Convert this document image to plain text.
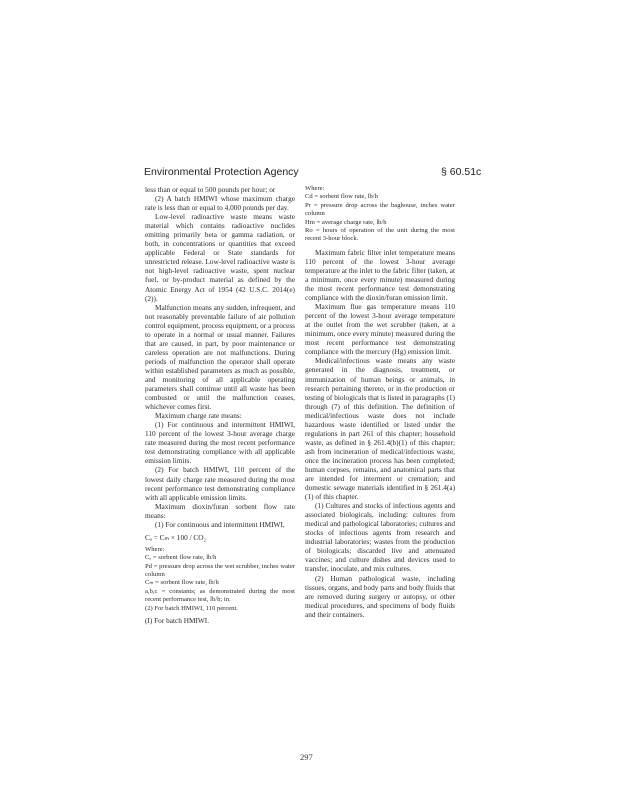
Environmental Protection Agency	§ 60.51c

less than or equal to 500 pounds per hour; or

(2) A batch HMIWI whose maximum charge rate is less than or equal to 4,000 pounds per day.

Low-level radioactive waste means waste material which contains radioactive nuclides emitting primarily beta or gamma radiation, or both, in concentrations or quantities that exceed applicable Federal or State standards for unrestricted release. Low-level radioactive waste is not high-level radioactive waste, spent nuclear fuel, or by-product material as defined by the Atomic Energy Act of 1954 (42 U.S.C. 2014(e)(2)).

Malfunction means any sudden, infrequent, and not reasonably preventable failure of air pollution control equipment, process equipment, or a process to operate in a normal or usual manner. Failures that are caused, in part, by poor maintenance or careless operation are not malfunctions. During periods of malfunction the operator shall operate within established parameters as much as possible, and monitoring of all applicable operating parameters shall continue until all waste has been combusted or until the malfunction ceases, whichever comes first.

Maximum charge rate means:

(1) For continuous and intermittent HMIWI, 110 percent of the lowest 3-hour average charge rate measured during the most recent performance test demonstrating compliance with all applicable emission limits.

(2) For batch HMIWI, 110 percent of the lowest daily charge rate measured during the most recent performance test demonstrating compliance with all applicable emission limits.

Maximum dioxin/furan sorbent flow rate means:

(1) For continuous and intermittent HMIWI,

Cₐ = Cₘ × 100 / CO₂

Where:

Cₐ = sorbent flow rate, lb/h

Pd = pressure drop across the wet scrubber, inches water column

Cₘ = sorbent flow rate, lb/h

a,b,c = constants; as demonstrated during the most recent performance test, lb/h; in.

(2) For batch HMIWI, 110 percent.

(I) For batch HMIWI.

Where:

Cd = sorbent flow rate, lb/h

Pr = pressure drop across the baghouse, inches water column

Hm = average charge rate, lb/h

Ro = hours of operation of the unit during the most recent 3-hour block.

Maximum fabric filter inlet temperature means 110 percent of the lowest 3-hour average temperature at the inlet to the fabric filter (taken, at a minimum, once every minute) measured during the most recent performance test demonstrating compliance with the dioxin/furan emission limit.

Maximum flue gas temperature means 110 percent of the lowest 3-hour average temperature at the outlet from the wet scrubber (taken, at a minimum, once every minute) measured during the most recent performance test demonstrating compliance with the mercury (Hg) emission limit.

Medical/infectious waste means any waste generated in the diagnosis, treatment, or immunization of human beings or animals, in research pertaining thereto, or in the production or testing of biologicals that is listed in paragraphs (1) through (7) of this definition. The definition of medical/infectious waste does not include hazardous waste identified or listed under the regulations in part 261 of this chapter; household waste, as defined in § 261.4(b)(1) of this chapter; ash from incineration of medical/infectious waste, once the incineration process has been completed; human corpses, remains, and anatomical parts that are intended for interment or cremation; and domestic sewage materials identified in § 261.4(a)(1) of this chapter.

(1) Cultures and stocks of infectious agents and associated biologicals, including: cultures from medical and pathological laboratories; cultures and stocks of infectious agents from research and industrial laboratories; wastes from the production of biologicals; discarded live and attenuated vaccines; and culture dishes and devices used to transfer, inoculate, and mix cultures.

(2) Human pathological waste, including tissues, organs, and body parts and body fluids that are removed during surgery or autopsy, or other medical procedures, and specimens of body fluids and their containers.

297
